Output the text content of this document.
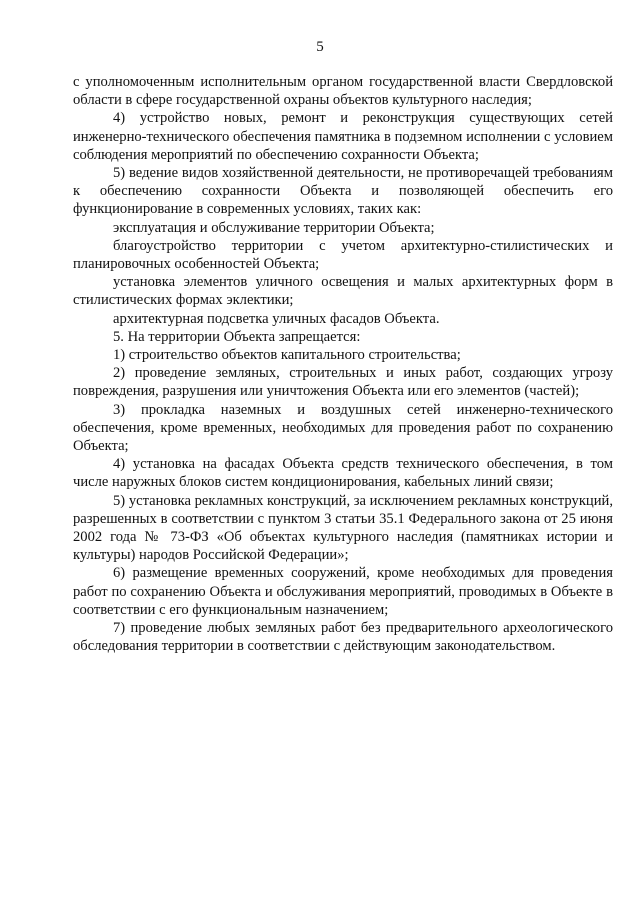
5

с уполномоченным исполнительным органом государственной власти Свердловской области в сфере государственной охраны объектов культурного наследия;

4) устройство новых, ремонт и реконструкция существующих сетей инженерно-технического обеспечения памятника в подземном исполнении с условием соблюдения мероприятий по обеспечению сохранности Объекта;

5) ведение видов хозяйственной деятельности, не противоречащей требованиям к обеспечению сохранности Объекта и позволяющей обеспечить его функционирование в современных условиях, таких как:

эксплуатация и обслуживание территории Объекта;

благоустройство территории с учетом архитектурно-стилистических и планировочных особенностей Объекта;

установка элементов уличного освещения и малых архитектурных форм в стилистических формах эклектики;

архитектурная подсветка уличных фасадов Объекта.

5. На территории Объекта запрещается:

1) строительство объектов капитального строительства;

2) проведение земляных, строительных и иных работ, создающих угрозу повреждения, разрушения или уничтожения Объекта или его элементов (частей);

3) прокладка наземных и воздушных сетей инженерно-технического обеспечения, кроме временных, необходимых для проведения работ по сохранению Объекта;

4) установка на фасадах Объекта средств технического обеспечения, в том числе наружных блоков систем кондиционирования, кабельных линий связи;

5) установка рекламных конструкций, за исключением рекламных конструкций, разрешенных в соответствии с пунктом 3 статьи 35.1 Федерального закона от 25 июня 2002 года № 73-ФЗ «Об объектах культурного наследия (памятниках истории и культуры) народов Российской Федерации»;

6) размещение временных сооружений, кроме необходимых для проведения работ по сохранению Объекта и обслуживания мероприятий, проводимых в Объекте в соответствии с его функциональным назначением;

7) проведение любых земляных работ без предварительного археологического обследования территории в соответствии с действующим законодательством.
